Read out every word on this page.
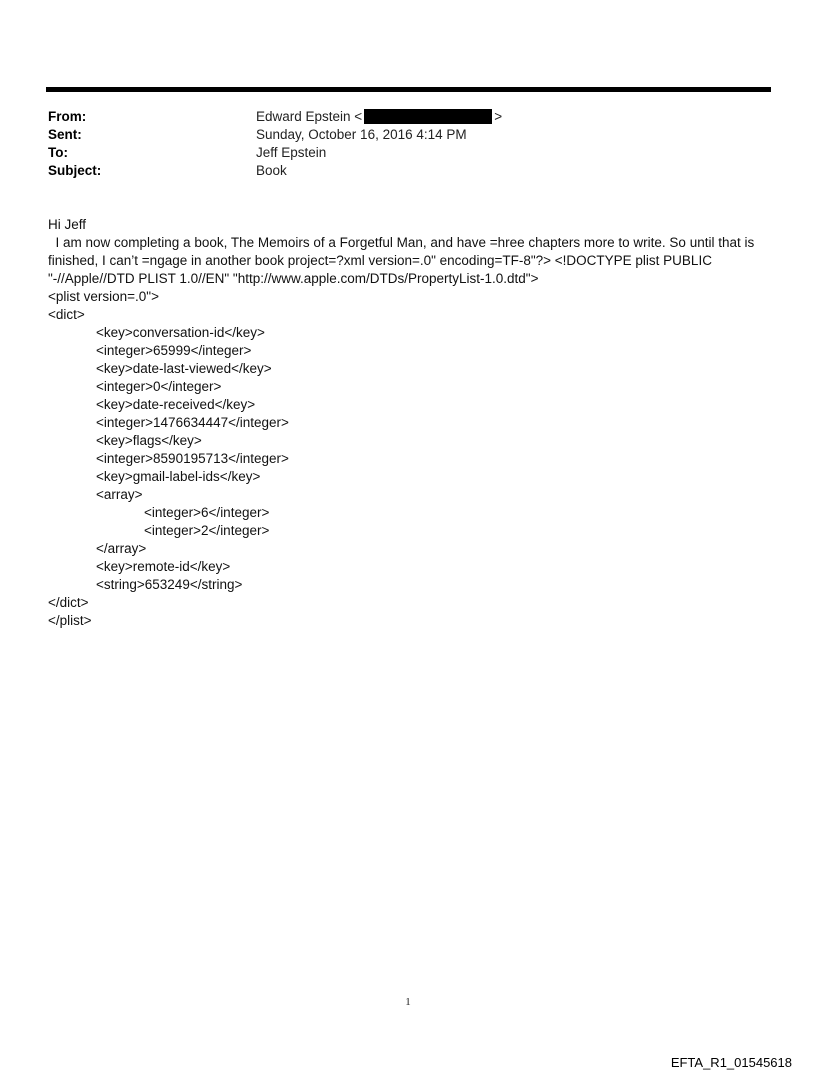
From:	Edward Epstein <	>
Sent:	Sunday, October 16, 2016 4:14 PM
To:	Jeff Epstein
Subject:	Book
Hi Jeff
I am now completing a book, The Memoirs of a Forgetful Man, and have =hree chapters more to write. So until that is finished, I can’t =ngage in another book project=?xml version=.0" encoding=TF-8"?> <!DOCTYPE plist PUBLIC "-//Apple//DTD PLIST 1.0//EN" "http://www.apple.com/DTDs/PropertyList-1.0.dtd">
<plist version=.0">
<dict>
<key>conversation-id</key>
<integer>65999</integer>
<key>date-last-viewed</key>
<integer>0</integer>
<key>date-received</key>
<integer>1476634447</integer>
<key>flags</key>
<integer>8590195713</integer>
<key>gmail-label-ids</key>
<array>
<integer>6</integer>
<integer>2</integer>
</array>
<key>remote-id</key>
<string>653249</string>
</dict>
</plist>
1
EFTA_R1_01545618
